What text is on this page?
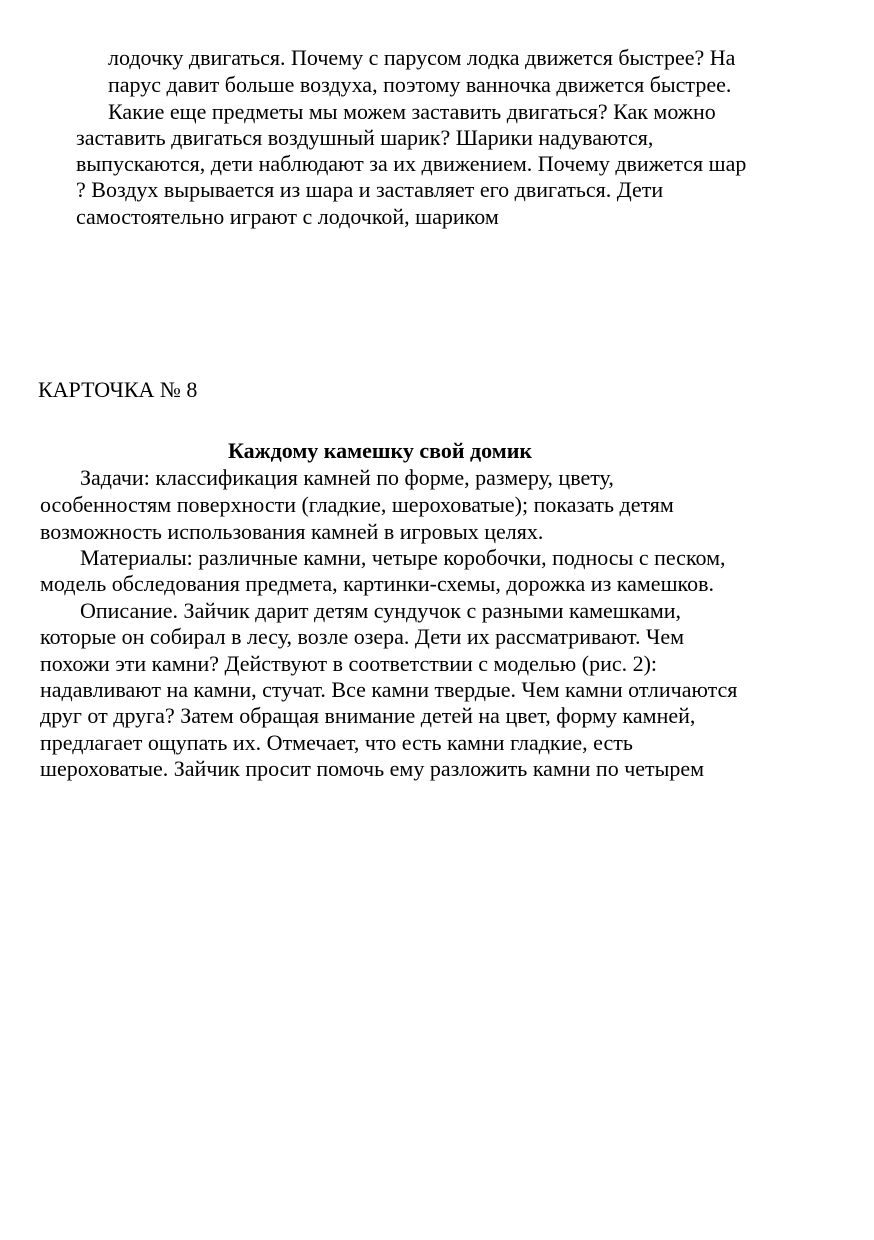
лодочку двигаться. Почему с парусом лодка движется быстрее? На

парус давит больше воздуха, поэтому ванночка движется быстрее.

Какие еще предметы мы можем заставить двигаться? Как можно

заставить двигаться воздушный шарик? Шарики надуваются,

выпускаются, дети наблюдают за их движением. Почему движется шар

? Воздух вырывается из шара и заставляет его двигаться. Дети

самостоятельно играют с лодочкой, шариком

КАРТОЧКА № 8

Каждому камешку свой домик

Задачи: классификация камней по форме, размеру, цвету,

особенностям поверхности (гладкие, шероховатые); показать детям

возможность использования камней в игровых целях.

Материалы: различные камни, четыре коробочки, подносы с песком,

модель обследования предмета, картинки-схемы, дорожка из камешков.

Описание. Зайчик дарит детям сундучок с разными камешками,

которые он собирал в лесу, возле озера. Дети их рассматривают. Чем

похожи эти камни? Действуют в соответствии с моделью (рис. 2):

надавливают на камни, стучат. Все камни твердые. Чем камни отличаются

друг от друга? Затем обращая внимание детей на цвет, форму камней,

предлагает ощупать их. Отмечает, что есть камни гладкие, есть

шероховатые. Зайчик просит помочь ему разложить камни по четырем
